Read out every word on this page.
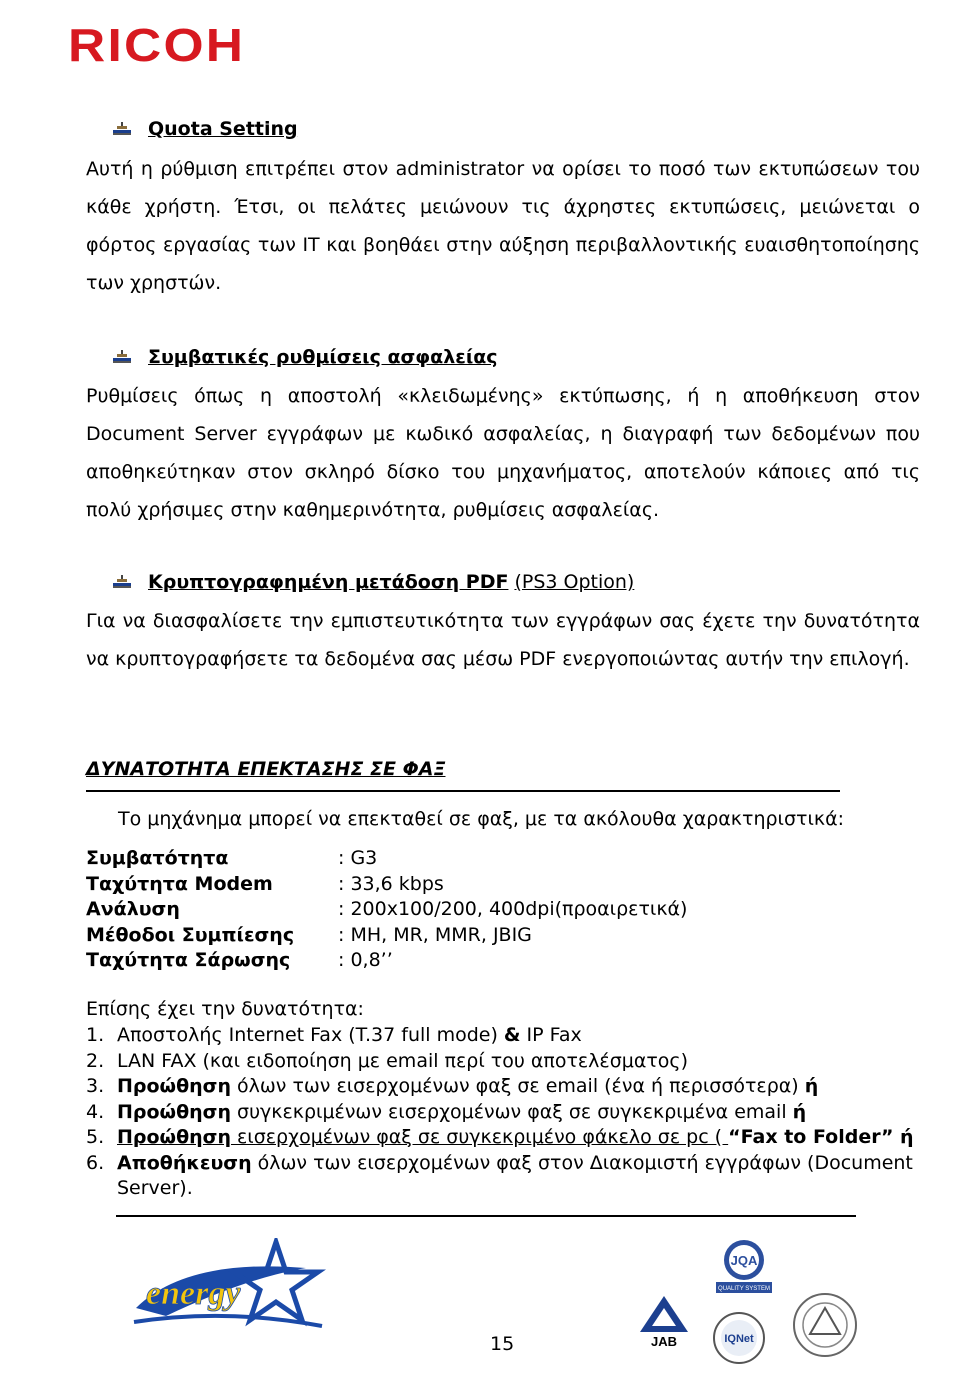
RICOH
Quota Setting
Αυτή η ρύθμιση επιτρέπει στον administrator να ορίσει το ποσό των εκτυπώσεων του κάθε χρήστη. Έτσι, οι πελάτες μειώνουν τις άχρηστες εκτυπώσεις, μειώνεται ο φόρτος εργασίας των IT και βοηθάει στην αύξηση περιβαλλοντικής ευαισθητοποίησης των χρηστών.
Συμβατικές ρυθμίσεις ασφαλείας
Ρυθμίσεις όπως η αποστολή «κλειδωμένης» εκτύπωσης, ή η αποθήκευση στον Document Server εγγράφων με κωδικό ασφαλείας, η διαγραφή των δεδομένων που αποθηκεύτηκαν στον σκληρό δίσκο του μηχανήματος, αποτελούν κάποιες από τις πολύ χρήσιμες στην καθημερινότητα, ρυθμίσεις ασφαλείας.
Κρυπτογραφημένη μετάδοση PDF (PS3 Option)
Για να διασφαλίσετε την εμπιστευτικότητα των εγγράφων σας έχετε την δυνατότητα να κρυπτογραφήσετε τα δεδομένα σας μέσω PDF ενεργοποιώντας αυτήν την επιλογή.
ΔΥΝΑΤΟΤΗΤΑ ΕΠΕΚΤΑΣΗΣ ΣΕ ΦΑΞ
Το μηχάνημα μπορεί να επεκταθεί σε φαξ, με τα ακόλουθα χαρακτηριστικά:
Συμβατότητα	: G3
Ταχύτητα Modem	: 33,6 kbps
Ανάλυση	: 200x100/200, 400dpi(προαιρετικά)
Μέθοδοι Συμπίεσης	: MH, MR, MMR, JBIG
Ταχύτητα Σάρωσης	: 0,8’’
Επίσης έχει την δυνατότητα:
1. Αποστολής Internet Fax (T.37 full mode) & IP Fax
2. LAN FAX (και ειδοποίηση με email περί του αποτελέσματος)
3. Προώθηση όλων των εισερχομένων φαξ σε email (ένα ή περισσότερα) ή
4. Προώθηση συγκεκριμένων εισερχομένων φαξ σε συγκεκριμένα email ή
5. Προώθηση εισερχομένων φαξ σε συγκεκριμένο φάκελο σε pc ( “Fax to Folder” ή
6. Αποθήκευση όλων των εισερχομένων φαξ στον Διακομιστή εγγράφων (Document Server).
energy
JQA
QUALITY SYSTEM
JAB	IQNet
15
